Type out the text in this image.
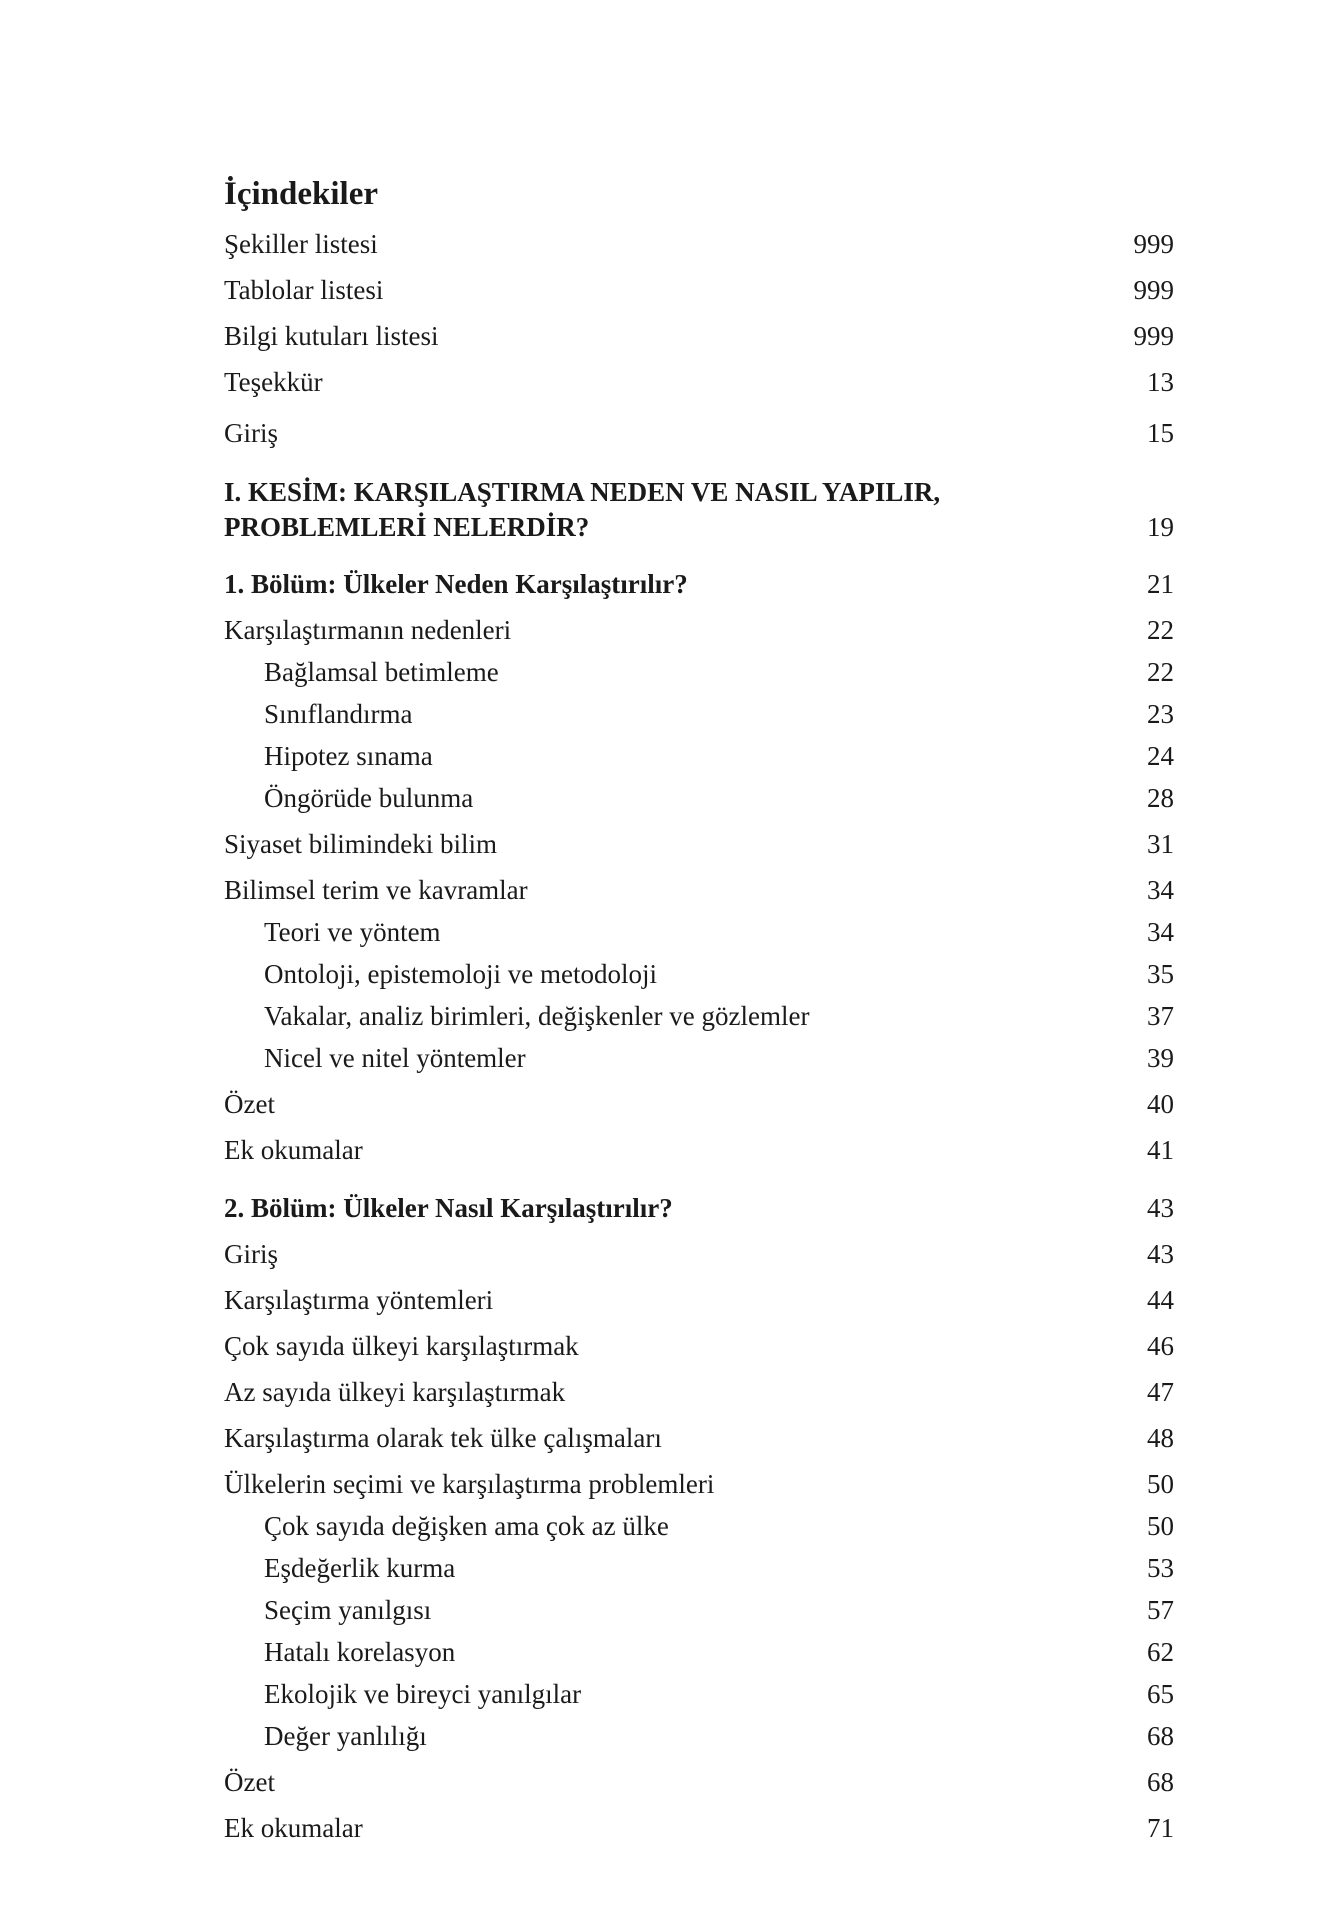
İçindekiler
Şekiller listesi	999
Tablolar listesi	999
Bilgi kutuları listesi	999
Teşekkür	13
Giriş	15
I. KESİM: KARŞILAŞTIRMA NEDEN VE NASIL YAPILIR,
PROBLEMLERİ NELERDİR?	19
1. Bölüm: Ülkeler Neden Karşılaştırılır?	21
Karşılaştırmanın nedenleri	22
Bağlamsal betimleme	22
Sınıflandırma	23
Hipotez sınama	24
Öngörüde bulunma	28
Siyaset bilimindeki bilim	31
Bilimsel terim ve kavramlar	34
Teori ve yöntem	34
Ontoloji, epistemoloji ve metodoloji	35
Vakalar, analiz birimleri, değişkenler ve gözlemler	37
Nicel ve nitel yöntemler	39
Özet	40
Ek okumalar	41
2. Bölüm: Ülkeler Nasıl Karşılaştırılır?	43
Giriş	43
Karşılaştırma yöntemleri	44
Çok sayıda ülkeyi karşılaştırmak	46
Az sayıda ülkeyi karşılaştırmak	47
Karşılaştırma olarak tek ülke çalışmaları	48
Ülkelerin seçimi ve karşılaştırma problemleri	50
Çok sayıda değişken ama çok az ülke	50
Eşdeğerlik kurma	53
Seçim yanılgısı	57
Hatalı korelasyon	62
Ekolojik ve bireyci yanılgılar	65
Değer yanlılığı	68
Özet	68
Ek okumalar	71
